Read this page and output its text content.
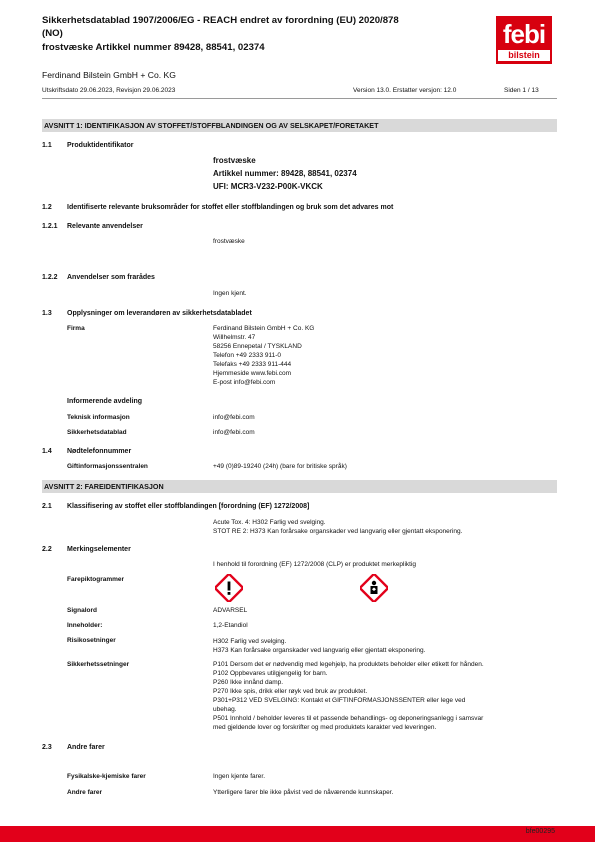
Sikkerhetsdatablad 1907/2006/EG - REACH endret av forordning (EU) 2020/878
(NO)
frostvæske Artikkel nummer 89428, 88541, 02374	febi
bilstein
Ferdinand Bilstein GmbH + Co. KG
Utskriftsdato 29.06.2023, Revisjon 29.06.2023	Version 13.0. Erstatter versjon: 12.0	Siden 1 / 13
AVSNITT 1: IDENTIFIKASJON AV STOFFET/STOFFBLANDINGEN OG AV SELSKAPET/FORETAKET
1.1 Produktidentifikator
frostvæske
Artikkel nummer: 89428, 88541, 02374
UFI: MCR3-V232-P00K-VKCK
1.2 Identifiserte relevante bruksområder for stoffet eller stoffblandingen og bruk som det advares mot
1.2.1 Relevante anvendelser
frostvæske
1.2.2 Anvendelser som frarådes
Ingen kjent.
1.3 Opplysninger om leverandøren av sikkerhetsdatabladet
Firma	Ferdinand Bilstein GmbH + Co. KG
Willhelmstr. 47
58256 Ennepetal / TYSKLAND
Telefon +49 2333 911-0
Telefaks +49 2333 911-444
Hjemmeside www.febi.com
E-post info@febi.com
Informerende avdeling
Teknisk informasjon	info@febi.com
Sikkerhetsdatablad	info@febi.com
1.4 Nødtelefonnummer
Giftinformasjonssentralen	+49 (0)89-19240 (24h) (bare for britiske språk)
AVSNITT 2: FAREIDENTIFIKASJON
2.1 Klassifisering av stoffet eller stoffblandingen [forordning (EF) 1272/2008]
Acute Tox. 4: H302 Farlig ved svelging.
STOT RE 2: H373 Kan forårsake organskader ved langvarig eller gjentatt eksponering.
2.2 Merkingselementer
I henhold til forordning (EF) 1272/2008 (CLP) er produktet merkepliktig
Farepiktogrammer
Signalord	ADVARSEL
Inneholder:	1,2-Etandiol
Risikosetninger	H302 Farlig ved svelging.
H373 Kan forårsake organskader ved langvarig eller gjentatt eksponering.
Sikkerhetssetninger	P101 Dersom det er nødvendig med legehjelp, ha produktets beholder eller etikett for hånden.
P102 Oppbevares utilgjengelig for barn.
P260 Ikke innånd damp.
P270 Ikke spis, drikk eller røyk ved bruk av produktet.
P301+P312 VED SVELGING: Kontakt et GIFTINFORMASJONSSENTER eller lege ved
ubehag.
P501 Innhold / beholder leveres til et passende behandlings- og deponeringsanlegg i samsvar
med gjeldende lover og forskrifter og med produktets karakter ved leveringen.
2.3 Andre farer
Fysikalske-kjemiske farer	Ingen kjente farer.
Andre farer	Ytterligere farer ble ikke påvist ved de nåværende kunnskaper.
bfe00295
